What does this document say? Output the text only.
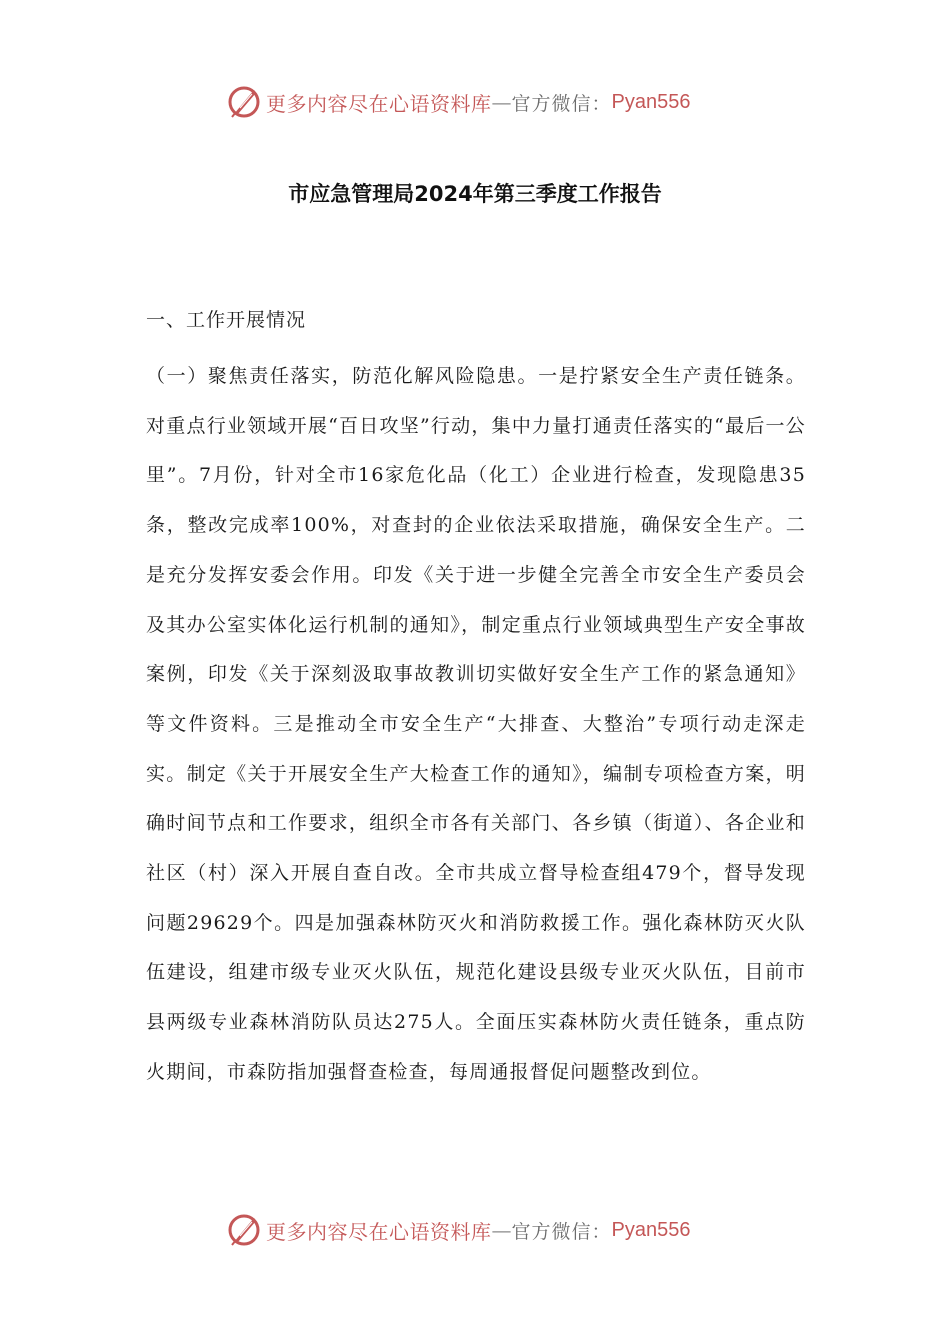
更多内容尽在心语资料库 — 官方微信： Pyan556
市应急管理局2024年第三季度工作报告
一、工作开展情况

（一）聚焦责任落实，防范化解风险隐患。一是拧紧安全生产责任链条。对重点行业领域开展“百日攻坚”行动，集中力量打通责任落实的“最后一公里”。7月份，针对全市16家危化品（化工）企业进行检查，发现隐患35条，整改完成率100%，对查封的企业依法采取措施，确保安全生产。二是充分发挥安委会作用。印发《关于进一步健全完善全市安全生产委员会及其办公室实体化运行机制的通知》，制定重点行业领域典型生产安全事故案例，印发《关于深刻汲取事故教训切实做好安全生产工作的紧急通知》等文件资料。三是推动全市安全生产“大排查、大整治”专项行动走深走实。制定《关于开展安全生产大检查工作的通知》，编制专项检查方案，明确时间节点和工作要求，组织全市各有关部门、各乡镇（街道）、各企业和社区（村）深入开展自查自改。全市共成立督导检查组479个，督导发现问题29629个。四是加强森林防灭火和消防救援工作。强化森林防灭火队伍建设，组建市级专业灭火队伍，规范化建设县级专业灭火队伍，目前市县两级专业森林消防队员达275人。全面压实森林防火责任链条，重点防火期间，市森防指加强督查检查，每周通报督促问题整改到位。

更多内容尽在心语资料库 — 官方微信： Pyan556
